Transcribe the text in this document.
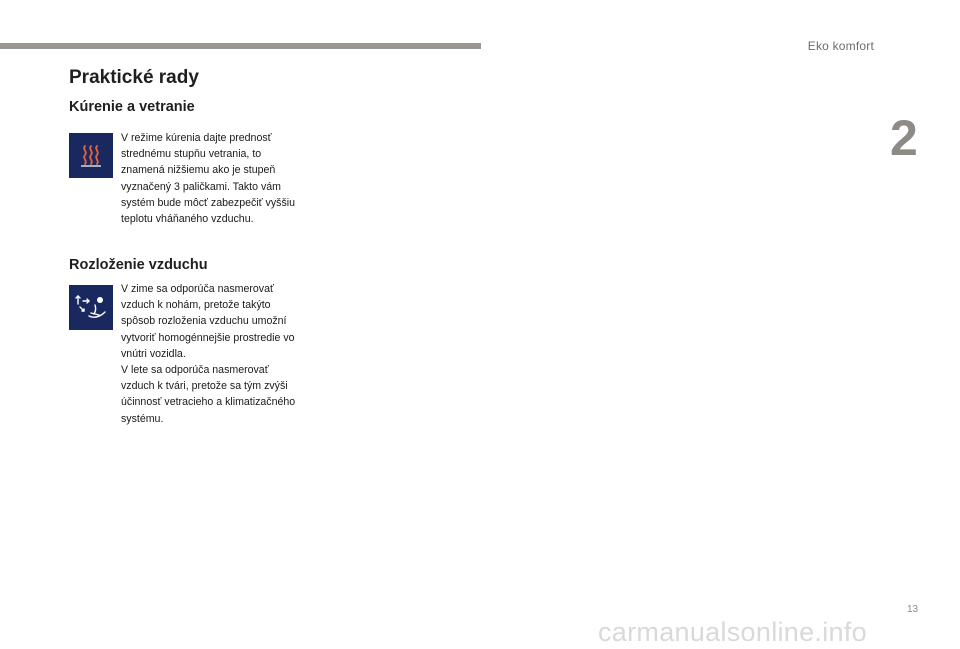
Eko komfort
2
Praktické rady
Kúrenie a vetranie

V režime kúrenia dajte prednosť
strednému stupňu vetrania, to
znamená nižšiemu ako je stupeň
vyznačený 3 paličkami. Takto vám
systém bude môcť zabezpečiť vyššiu
teplotu vháňaného vzduchu.

Rozloženie vzduchu

V zime sa odporúča nasmerovať
vzduch k nohám, pretože takýto
spôsob rozloženia vzduchu umožní
vytvoriť homogénnejšie prostredie vo
vnútri vozidla.
V lete sa odporúča nasmerovať
vzduch k tvári, pretože sa tým zvýši
účinnosť vetracieho a klimatizačného
systému.

13
carmanualsonline.info
